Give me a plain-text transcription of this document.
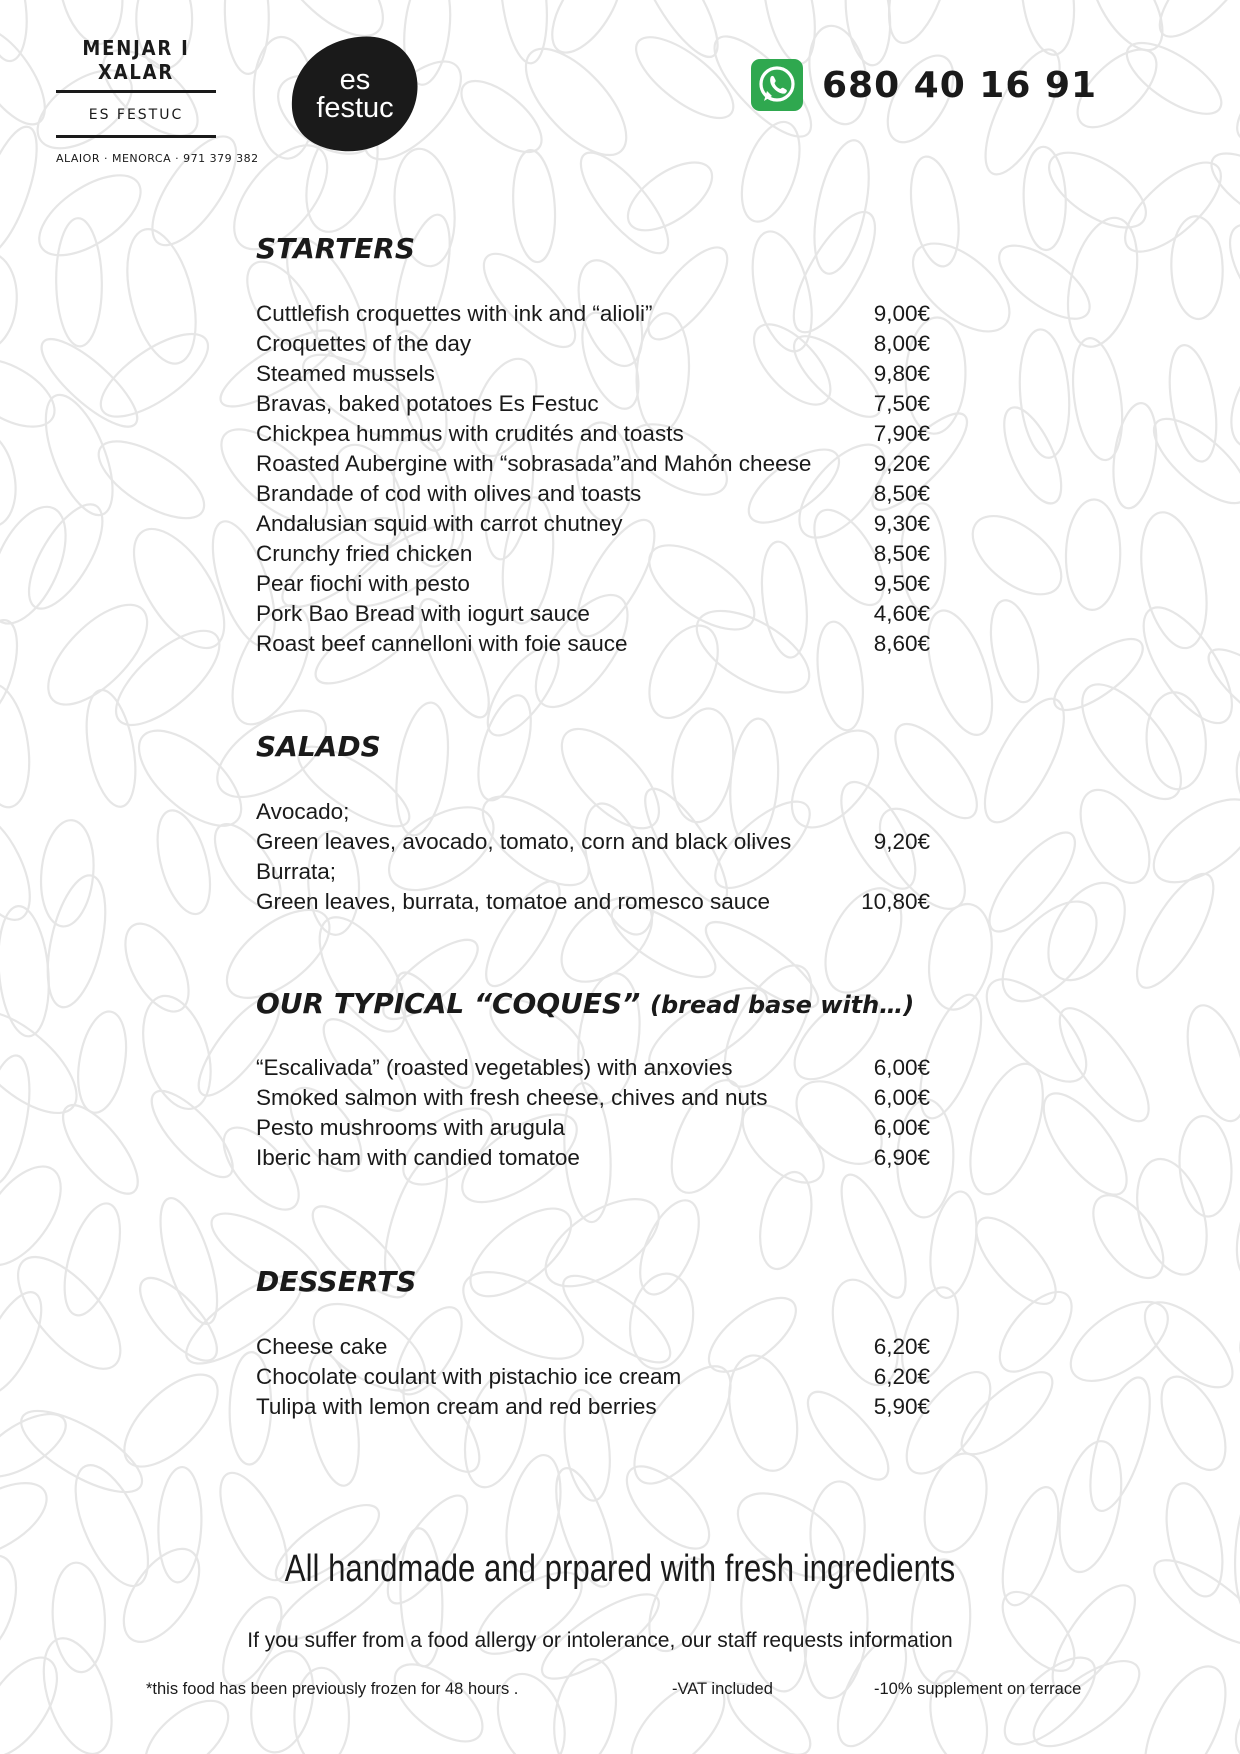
MENJAR I XALAR
ES FESTUC
ALAIOR · MENORCA · 971 379 382
es
festuc
680 40 16 91
STARTERS
Cuttlefish croquettes with ink and “alioli”	9,00€
Croquettes of the day	8,00€
Steamed mussels	9,80€
Bravas, baked potatoes Es Festuc	7,50€
Chickpea hummus with crudités and toasts	7,90€
Roasted Aubergine with “sobrasada”and Mahón cheese	9,20€
Brandade of cod with olives and toasts	8,50€
Andalusian squid with carrot chutney	9,30€
Crunchy fried chicken	8,50€
Pear fiochi with pesto	9,50€
Pork Bao Bread with iogurt sauce	4,60€
Roast beef cannelloni with foie sauce	8,60€
SALADS
Avocado;
Green leaves, avocado, tomato, corn and black olives	9,20€
Burrata;
Green leaves, burrata, tomatoe and romesco sauce	10,80€
OUR TYPICAL “COQUES” (bread base with…)
“Escalivada” (roasted vegetables) with anxovies	6,00€
Smoked salmon with fresh cheese, chives and nuts	6,00€
Pesto mushrooms with arugula	6,00€
Iberic ham with candied tomatoe	6,90€
DESSERTS
Cheese cake	6,20€
Chocolate coulant with pistachio ice cream	6,20€
Tulipa with lemon cream and red berries	5,90€
All handmade and prpared with fresh ingredients
If you suffer from a food allergy or intolerance, our staff requests information
*this food has been previously frozen for 48 hours .	-VAT included	-10% supplement on terrace
